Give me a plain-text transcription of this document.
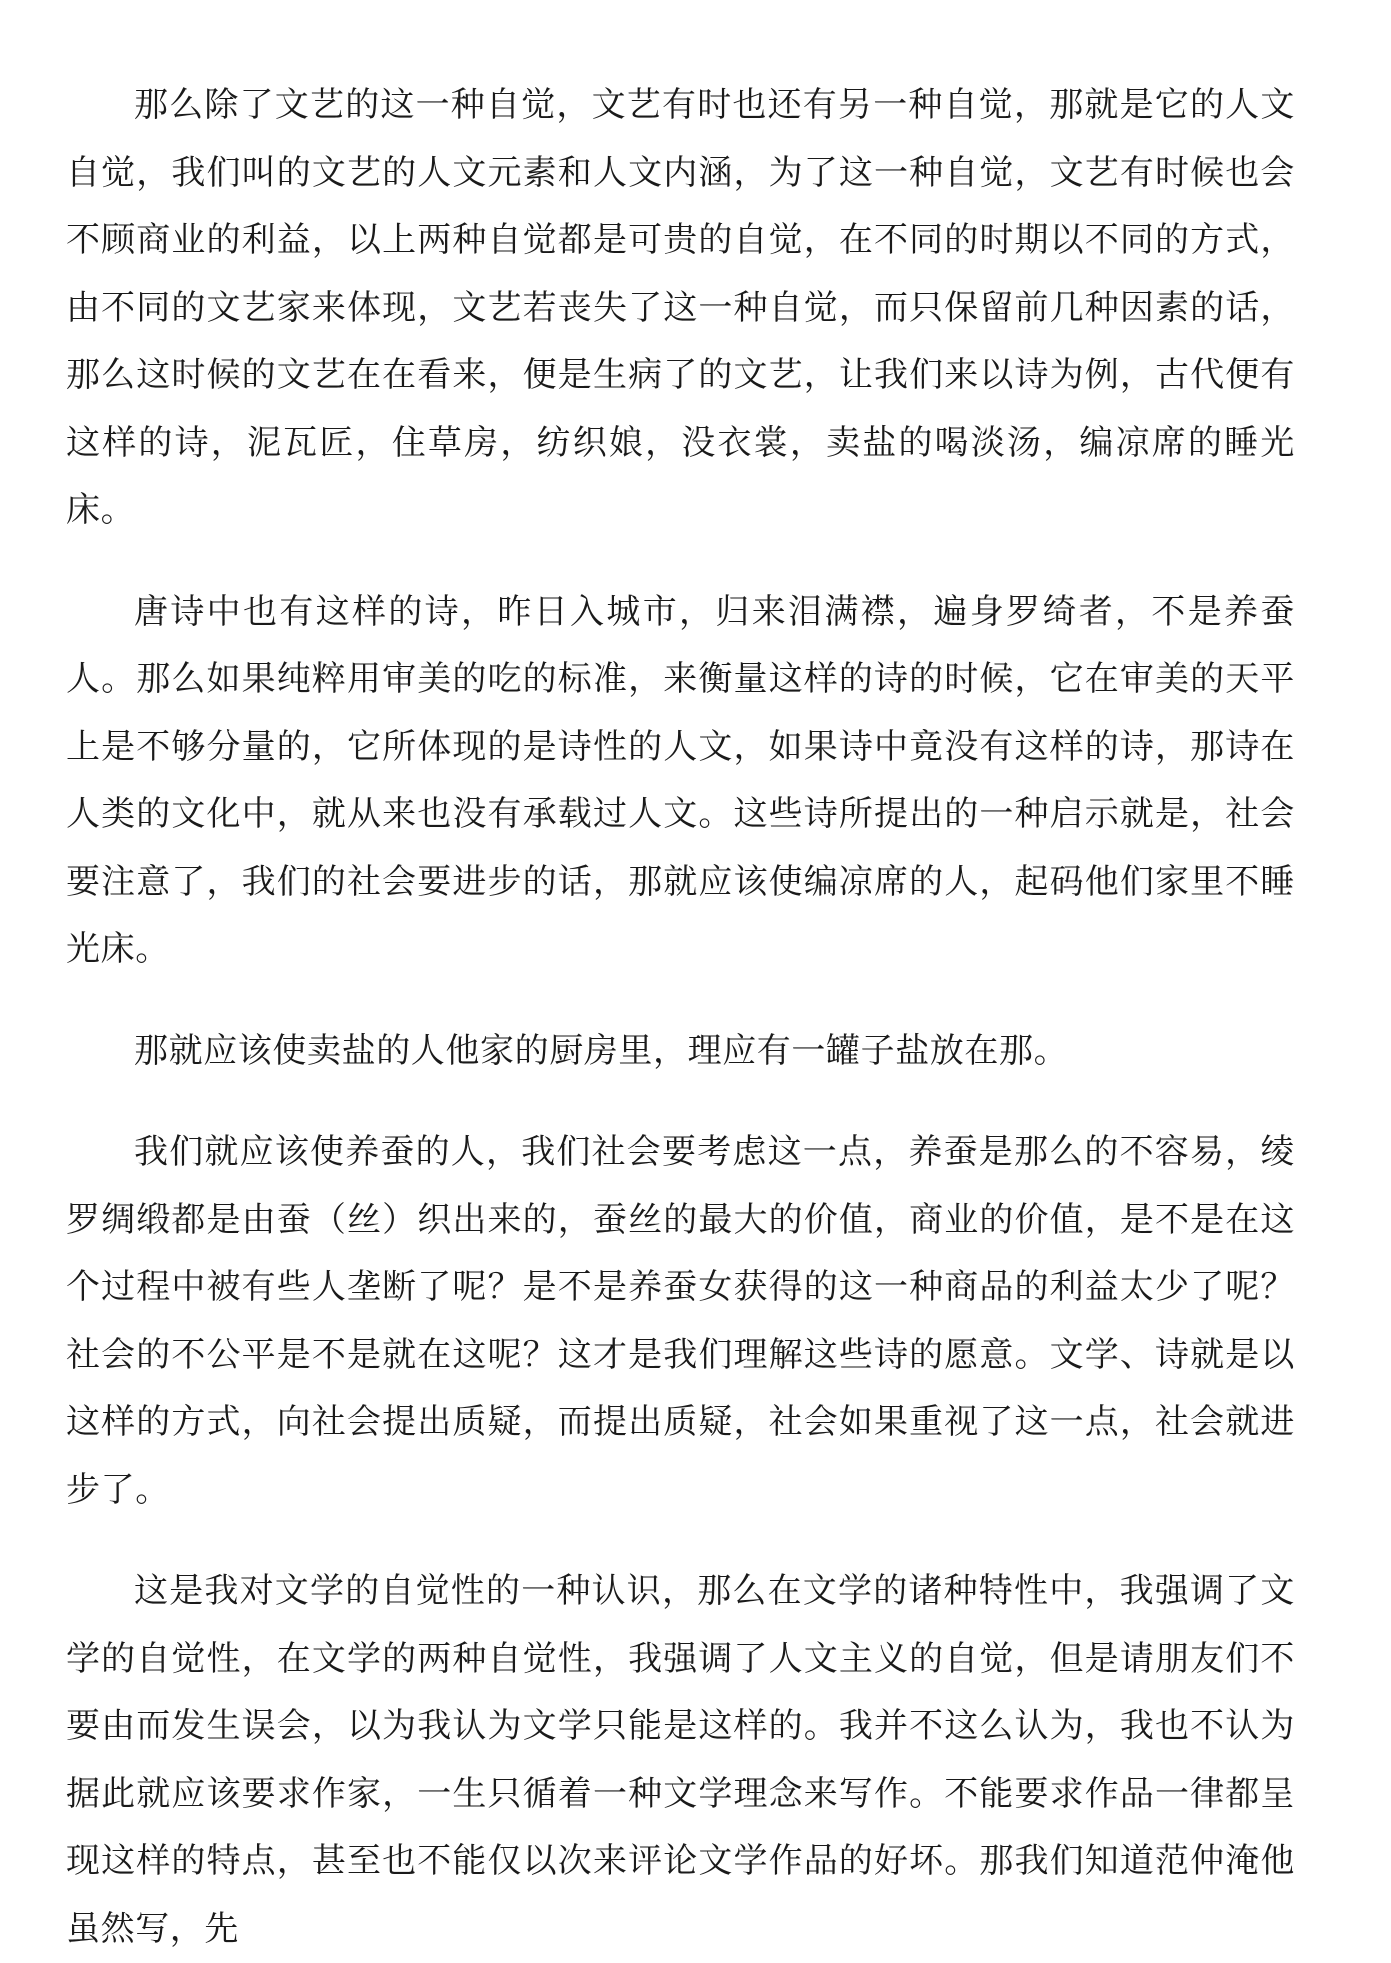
那么除了文艺的这一种自觉，文艺有时也还有另一种自觉，那就是它的人文自觉，我们叫的文艺的人文元素和人文内涵，为了这一种自觉，文艺有时候也会不顾商业的利益，以上两种自觉都是可贵的自觉，在不同的时期以不同的方式，由不同的文艺家来体现，文艺若丧失了这一种自觉，而只保留前几种因素的话，那么这时候的文艺在在看来，便是生病了的文艺，让我们来以诗为例，古代便有这样的诗，泥瓦匠，住草房，纺织娘，没衣裳，卖盐的喝淡汤，编凉席的睡光床。

唐诗中也有这样的诗，昨日入城市，归来泪满襟，遍身罗绮者，不是养蚕人。那么如果纯粹用审美的吃的标准，来衡量这样的诗的时候，它在审美的天平上是不够分量的，它所体现的是诗性的人文，如果诗中竟没有这样的诗，那诗在人类的文化中，就从来也没有承载过人文。这些诗所提出的一种启示就是，社会要注意了，我们的社会要进步的话，那就应该使编凉席的人，起码他们家里不睡光床。

那就应该使卖盐的人他家的厨房里，理应有一罐子盐放在那。

我们就应该使养蚕的人，我们社会要考虑这一点，养蚕是那么的不容易，绫罗绸缎都是由蚕（丝）织出来的，蚕丝的最大的价值，商业的价值，是不是在这个过程中被有些人垄断了呢？是不是养蚕女获得的这一种商品的利益太少了呢？社会的不公平是不是就在这呢？这才是我们理解这些诗的愿意。文学、诗就是以这样的方式，向社会提出质疑，而提出质疑，社会如果重视了这一点，社会就进步了。

这是我对文学的自觉性的一种认识，那么在文学的诸种特性中，我强调了文学的自觉性，在文学的两种自觉性，我强调了人文主义的自觉，但是请朋友们不要由而发生误会，以为我认为文学只能是这样的。我并不这么认为，我也不认为据此就应该要求作家，一生只循着一种文学理念来写作。不能要求作品一律都呈现这样的特点，甚至也不能仅以次来评论文学作品的好坏。那我们知道范仲淹他虽然写，先
